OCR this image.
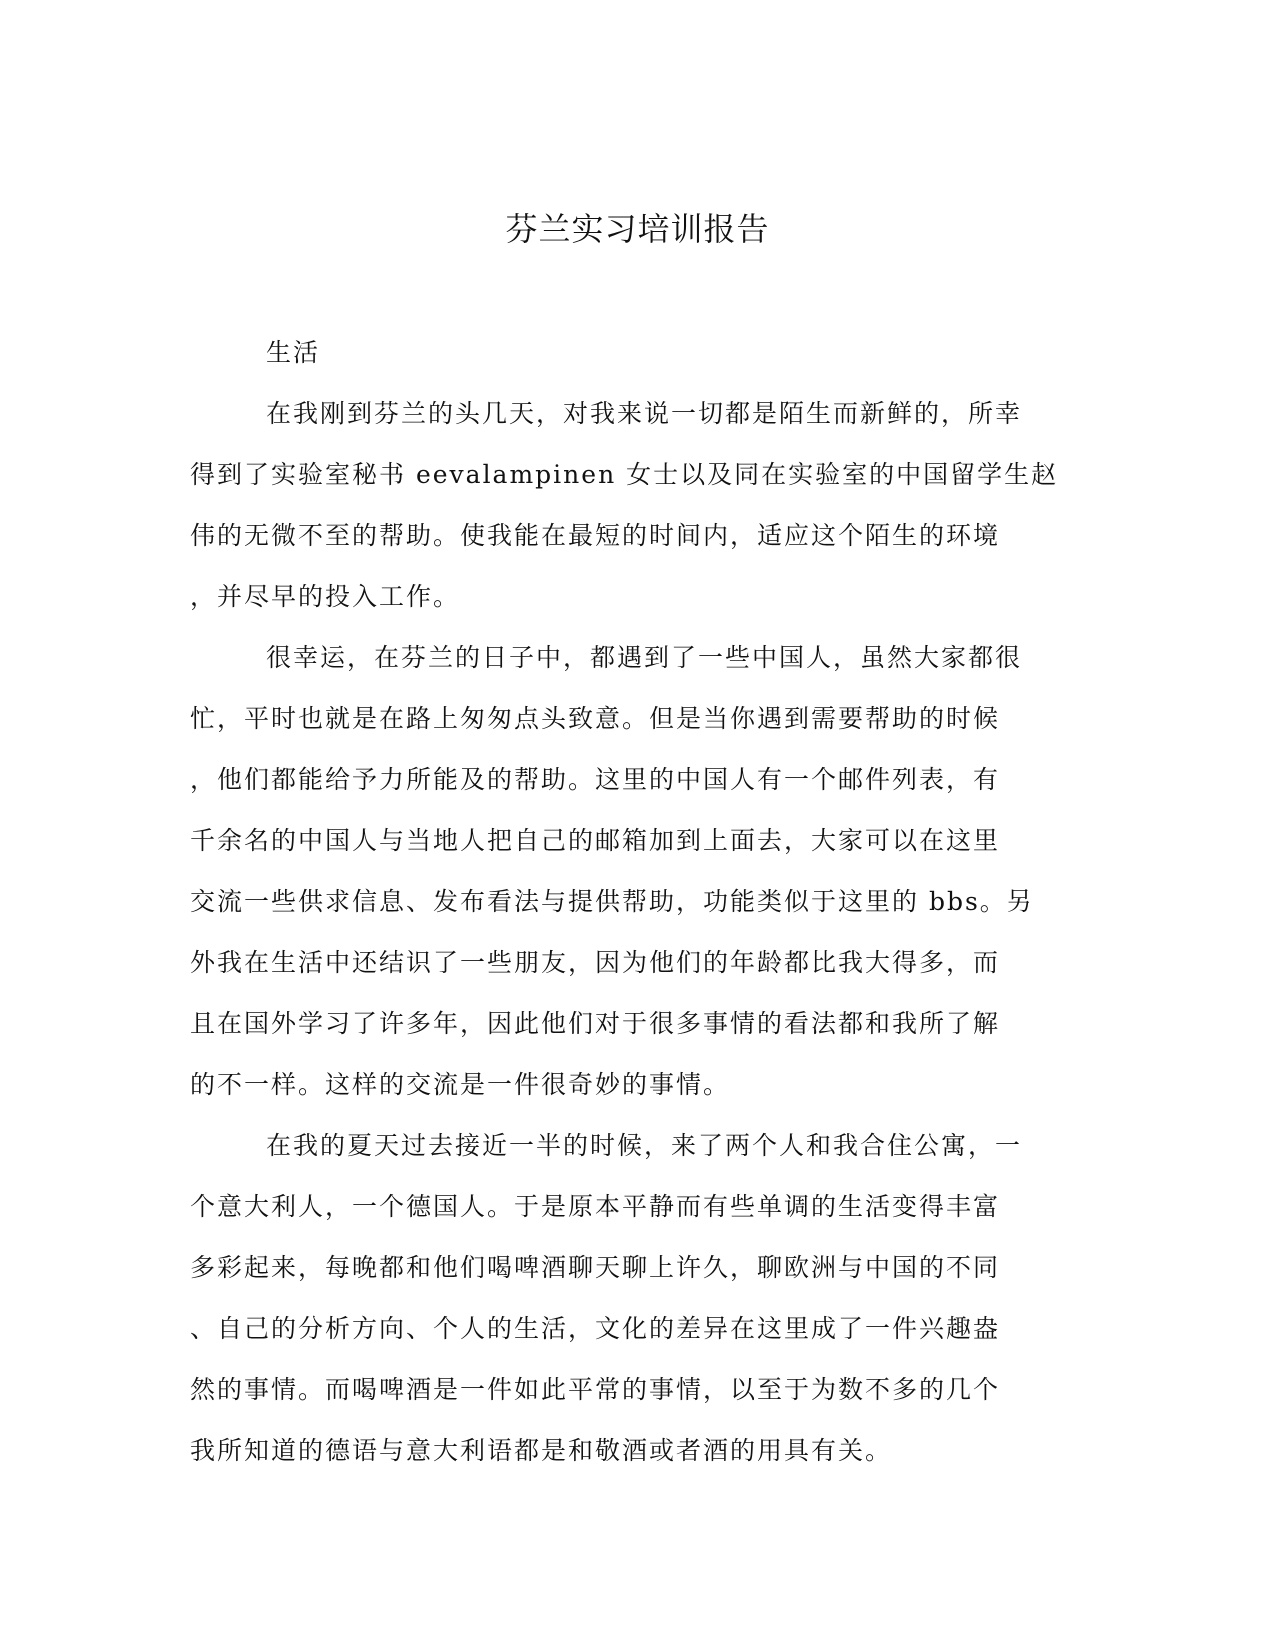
芬兰实习培训报告
生活

在我刚到芬兰的头几天，对我来说一切都是陌生而新鲜的，所幸
得到了实验室秘书 eevalampinen 女士以及同在实验室的中国留学生赵
伟的无微不至的帮助。使我能在最短的时间内，适应这个陌生的环境
，并尽早的投入工作。

很幸运，在芬兰的日子中，都遇到了一些中国人，虽然大家都很
忙，平时也就是在路上匆匆点头致意。但是当你遇到需要帮助的时候
，他们都能给予力所能及的帮助。这里的中国人有一个邮件列表，有
千余名的中国人与当地人把自己的邮箱加到上面去，大家可以在这里
交流一些供求信息、发布看法与提供帮助，功能类似于这里的 bbs。另
外我在生活中还结识了一些朋友，因为他们的年龄都比我大得多，而
且在国外学习了许多年，因此他们对于很多事情的看法都和我所了解
的不一样。这样的交流是一件很奇妙的事情。

在我的夏天过去接近一半的时候，来了两个人和我合住公寓，一
个意大利人，一个德国人。于是原本平静而有些单调的生活变得丰富
多彩起来，每晚都和他们喝啤酒聊天聊上许久，聊欧洲与中国的不同
、自己的分析方向、个人的生活，文化的差异在这里成了一件兴趣盎
然的事情。而喝啤酒是一件如此平常的事情，以至于为数不多的几个
我所知道的德语与意大利语都是和敬酒或者酒的用具有关。
